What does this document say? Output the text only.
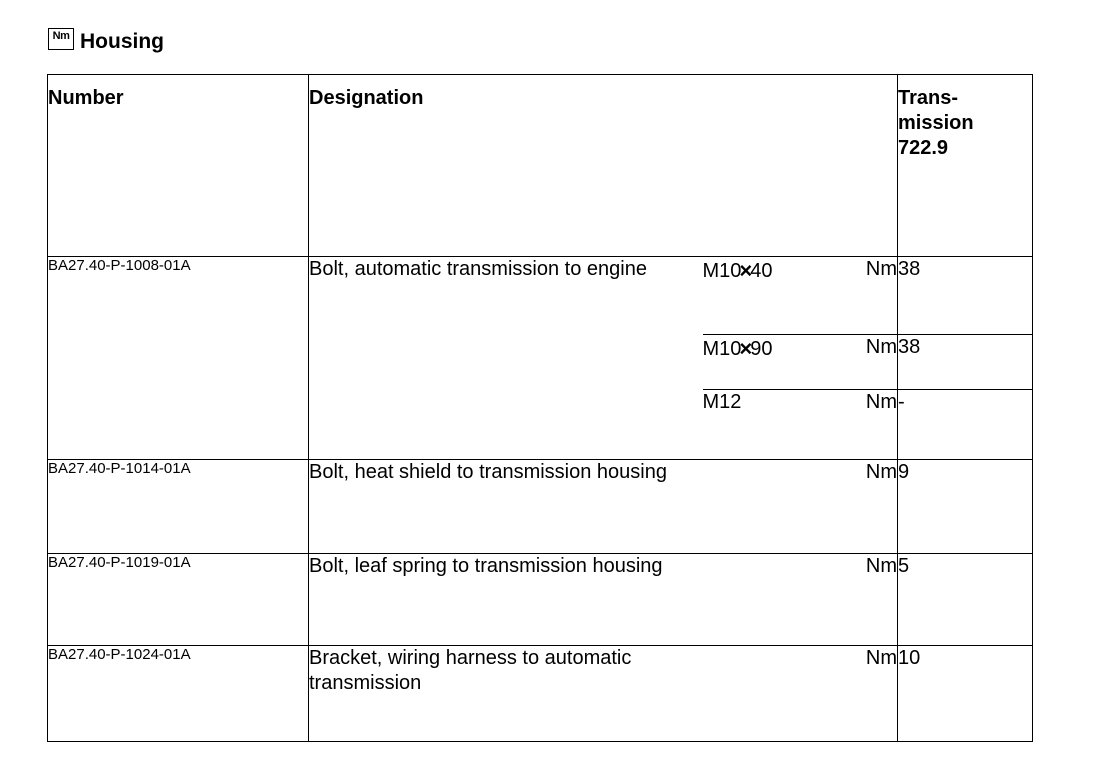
Nm Housing
Number	Designation			Trans-
mission
722.9

BA27.40-P-1008-01A	Bolt, automatic transmission to engine	M10×40	Nm	38
		M10×90	Nm	38
		M12	Nm	-
BA27.40-P-1014-01A	Bolt, heat shield to transmission housing		Nm	9
BA27.40-P-1019-01A	Bolt, leaf spring to transmission housing		Nm	5
BA27.40-P-1024-01A	Bracket, wiring harness to automatic transmission		Nm	10
